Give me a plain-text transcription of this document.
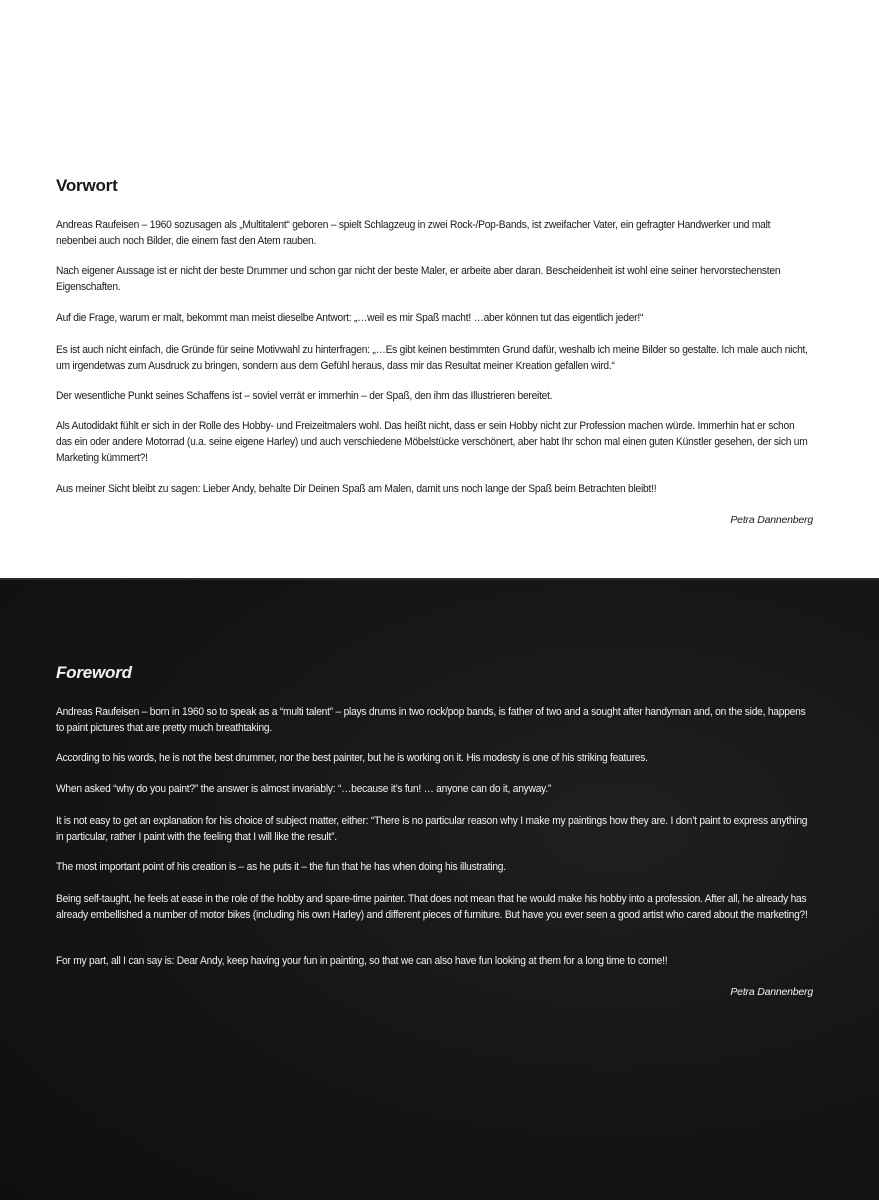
Vorwort

Andreas Raufeisen – 1960 sozusagen als „Multitalent“ geboren – spielt Schlagzeug in zwei Rock-/Pop-Bands, ist zweifacher Vater, ein gefragter Handwerker und malt nebenbei auch noch Bilder, die einem fast den Atem rauben.

Nach eigener Aussage ist er nicht der beste Drummer und schon gar nicht der beste Maler, er arbeite aber daran. Bescheidenheit ist wohl eine seiner hervorstechensten Eigenschaften.

Auf die Frage, warum er malt, bekommt man meist dieselbe Antwort: „…weil es mir Spaß macht! …aber können tut das eigentlich jeder!“

Es ist auch nicht einfach, die Gründe für seine Motivwahl zu hinterfragen: „…Es gibt keinen bestimmten Grund dafür, weshalb ich meine Bilder so gestalte. Ich male auch nicht, um irgendetwas zum Ausdruck zu bringen, sondern aus dem Gefühl heraus, dass mir das Resultat meiner Kreation gefallen wird.“

Der wesentliche Punkt seines Schaffens ist – soviel verrät er immerhin – der Spaß, den ihm das Illustrieren bereitet.

Als Autodidakt fühlt er sich in der Rolle des Hobby- und Freizeitmalers wohl. Das heißt nicht, dass er sein Hobby nicht zur Profession machen würde. Immerhin hat er schon das ein oder andere Motorrad (u.a. seine eigene Harley) und auch verschiedene Möbelstücke verschönert, aber habt Ihr schon mal einen guten Künstler gesehen, der sich um Marketing kümmert?!

Aus meiner Sicht bleibt zu sagen: Lieber Andy, behalte Dir Deinen Spaß am Malen, damit uns noch lange der Spaß beim Betrachten bleibt!!

Petra Dannenberg

Foreword

Andreas Raufeisen – born in 1960 so to speak as a “multi talent” – plays drums in two rock/pop bands, is father of two and a sought after handyman and, on the side, happens to paint pictures that are pretty much breathtaking.

According to his words, he is not the best drummer, nor the best painter, but he is working on it. His modesty is one of his striking features.

When asked “why do you paint?” the answer is almost invariably: “…because it’s fun! … anyone can do it, anyway.”

It is not easy to get an explanation for his choice of subject matter, either: “There is no particular reason why I make my paintings how they are. I don’t paint to express anything in particular, rather I paint with the feeling that I will like the result”.

The most important point of his creation is – as he puts it – the fun that he has when doing his illustrating.

Being self-taught, he feels at ease in the role of the hobby and spare-time painter. That does not mean that he would make his hobby into a profession. After all, he already has already embellished a number of motor bikes (including his own Harley) and different pieces of furniture. But have you ever seen a good artist who cared about the marketing?!

For my part, all I can say is: Dear Andy, keep having your fun in painting, so that we can also have fun looking at them for a long time to come!!

Petra Dannenberg
